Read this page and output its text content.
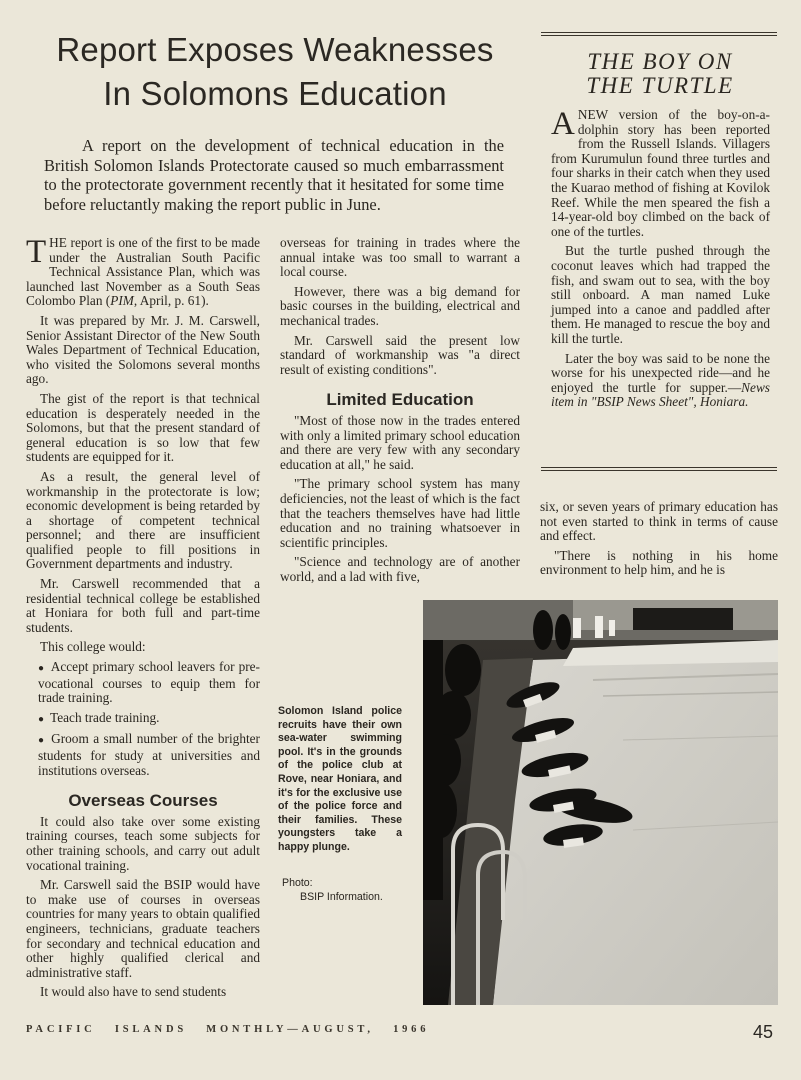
Report Exposes Weaknesses
In Solomons Education
A report on the development of technical education in the British Solomon Islands Protectorate caused so much embarrassment to the protectorate government recently that it hesitated for some time before reluctantly making the report public in June.

THE report is one of the first to be made under the Australian South Pacific Technical Assistance Plan, which was launched last November as a South Seas Colombo Plan (PIM, April, p. 61).

It was prepared by Mr. J. M. Carswell, Senior Assistant Director of the New South Wales Department of Technical Education, who visited the Solomons several months ago.

The gist of the report is that technical education is desperately needed in the Solomons, but that the present standard of general education is so low that few students are equipped for it.

As a result, the general level of workmanship in the protectorate is low; economic development is being retarded by a shortage of competent technical personnel; and there are insufficient qualified people to fill positions in Government departments and industry.

Mr. Carswell recommended that a residential technical college be established at Honiara for both full and part-time students.

This college would:

● Accept primary school leavers for pre-vocational courses to equip them for trade training.

● Teach trade training.

● Groom a small number of the brighter students for study at universities and institutions overseas.

Overseas Courses

It could also take over some existing training courses, teach some subjects for other training schools, and carry out adult vocational training.

Mr. Carswell said the BSIP would have to make use of courses in overseas countries for many years to obtain qualified engineers, technicians, graduate teachers for secondary and technical education and other highly qualified clerical and administrative staff.

It would also have to send students

overseas for training in trades where the annual intake was too small to warrant a local course.

However, there was a big demand for basic courses in the building, electrical and mechanical trades.

Mr. Carswell said the present low standard of workmanship was "a direct result of existing conditions".

Limited Education

"Most of those now in the trades entered with only a limited primary school education and there are very few with any secondary education at all," he said.

"The primary school system has many deficiencies, not the least of which is the fact that the teachers themselves have had little education and no training whatsoever in scientific principles.

"Science and technology are of another world, and a lad with five,

THE BOY ON
THE TURTLE

ANEW version of the boy-on-a-dolphin story has been reported from the Russell Islands. Villagers from Kurumulun found three turtles and four sharks in their catch when they used the Kuarao method of fishing at Kovilok Reef. While the men speared the fish a 14-year-old boy climbed on the back of one of the turtles.

But the turtle pushed through the coconut leaves which had trapped the fish, and swam out to sea, with the boy still onboard. A man named Luke jumped into a canoe and paddled after them. He managed to rescue the boy and kill the turtle.

Later the boy was said to be none the worse for his unexpected ride—and he enjoyed the turtle for supper.—News item in "BSIP News Sheet", Honiara.

six, or seven years of primary education has not even started to think in terms of cause and effect.

"There is nothing in his home environment to help him, and he is

Solomon Island police recruits have their own sea-water swimming pool. It's in the grounds of the police club at Rove, near Honiara, and it's for the exclusive use of the police force and their families. These youngsters take a happy plunge.
Photo:
BSIP Information.
PACIFIC   ISLANDS   MONTHLY—AUGUST,   1966	45
